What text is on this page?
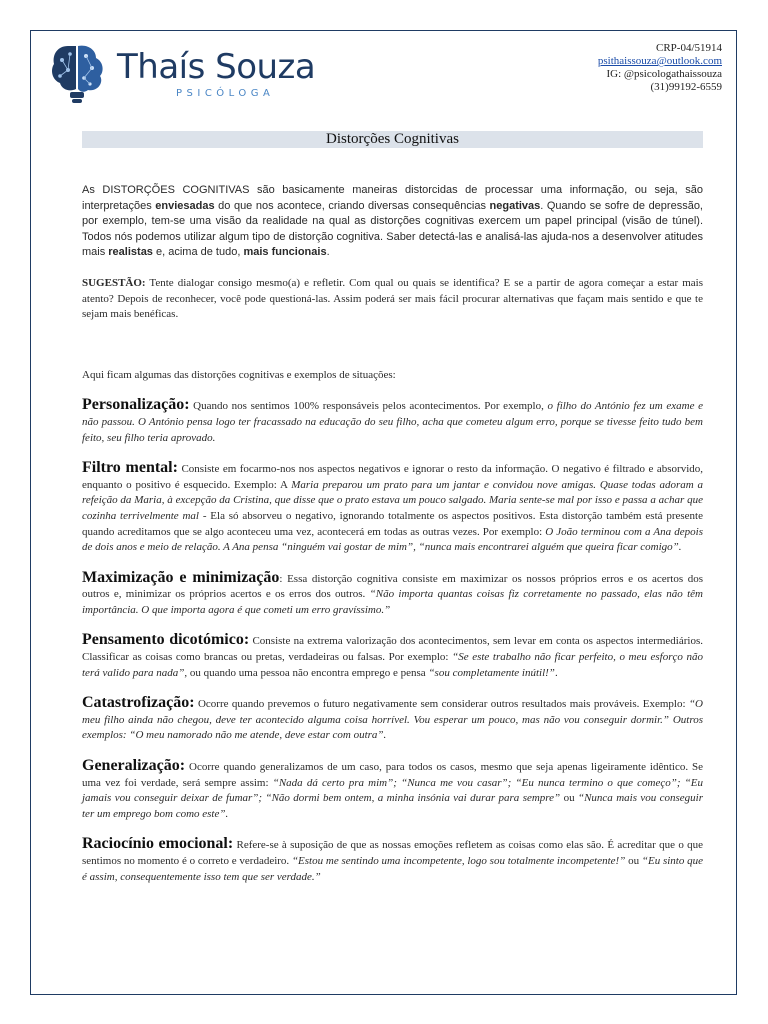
Thaís Souza
PSICÓLOGA
CRP-04/51914
psithaissouza@outlook.com
IG: @psicologathaissouza
(31)99192-6559
Distorções Cognitivas

As DISTORÇÕES COGNITIVAS são basicamente maneiras distorcidas de processar uma informação, ou seja, são interpretações enviesadas do que nos acontece, criando diversas consequências negativas. Quando se sofre de depressão, por exemplo, tem-se uma visão da realidade na qual as distorções cognitivas exercem um papel principal (visão de túnel). Todos nós podemos utilizar algum tipo de distorção cognitiva. Saber detectá-las e analisá-las ajuda-nos a desenvolver atitudes mais realistas e, acima de tudo, mais funcionais.

SUGESTÃO: Tente dialogar consigo mesmo(a) e refletir. Com qual ou quais se identifica? E se a partir de agora começar a estar mais atento? Depois de reconhecer, você pode questioná-las. Assim poderá ser mais fácil procurar alternativas que façam mais sentido e que te sejam mais benéficas.

Aqui ficam algumas das distorções cognitivas e exemplos de situações:

Personalização: Quando nos sentimos 100% responsáveis pelos acontecimentos. Por exemplo, o filho do António fez um exame e não passou. O António pensa logo ter fracassado na educação do seu filho, acha que cometeu algum erro, porque se tivesse feito tudo bem feito, seu filho teria aprovado.

Filtro mental: Consiste em focarmo-nos nos aspectos negativos e ignorar o resto da informação. O negativo é filtrado e absorvido, enquanto o positivo é esquecido. Exemplo: A Maria preparou um prato para um jantar e convidou nove amigas. Quase todas adoram a refeição da Maria, à excepção da Cristina, que disse que o prato estava um pouco salgado. Maria sente-se mal por isso e passa a achar que cozinha terrivelmente mal - Ela só absorveu o negativo, ignorando totalmente os aspectos positivos. Esta distorção também está presente quando acreditamos que se algo aconteceu uma vez, acontecerá em todas as outras vezes. Por exemplo: O João terminou com a Ana depois de dois anos e meio de relação. A Ana pensa “ninguém vai gostar de mim”, “nunca mais encontrarei alguém que queira ficar comigo”.

Maximização e minimização: Essa distorção cognitiva consiste em maximizar os nossos próprios erros e os acertos dos outros e, minimizar os próprios acertos e os erros dos outros. “Não importa quantas coisas fiz corretamente no passado, elas não têm importância. O que importa agora é que cometi um erro gravíssimo.”

Pensamento dicotómico: Consiste na extrema valorização dos acontecimentos, sem levar em conta os aspectos intermediários. Classificar as coisas como brancas ou pretas, verdadeiras ou falsas. Por exemplo: “Se este trabalho não ficar perfeito, o meu esforço não terá valido para nada”, ou quando uma pessoa não encontra emprego e pensa “sou completamente inútil!”.

Catastrofização: Ocorre quando prevemos o futuro negativamente sem considerar outros resultados mais prováveis. Exemplo: “O meu filho ainda não chegou, deve ter acontecido alguma coisa horrível. Vou esperar um pouco, mas não vou conseguir dormir.” Outros exemplos: “O meu namorado não me atende, deve estar com outra”.

Generalização: Ocorre quando generalizamos de um caso, para todos os casos, mesmo que seja apenas ligeiramente idêntico. Se uma vez foi verdade, será sempre assim: “Nada dá certo pra mim”; “Nunca me vou casar”; “Eu nunca termino o que começo”; “Eu jamais vou conseguir deixar de fumar”; “Não dormi bem ontem, a minha insónia vai durar para sempre” ou “Nunca mais vou conseguir ter um emprego bom como este”.

Raciocínio emocional: Refere-se à suposição de que as nossas emoções refletem as coisas como elas são. É acreditar que o que sentimos no momento é o correto e verdadeiro. “Estou me sentindo uma incompetente, logo sou totalmente incompetente!” ou “Eu sinto que é assim, consequentemente isso tem que ser verdade.”
